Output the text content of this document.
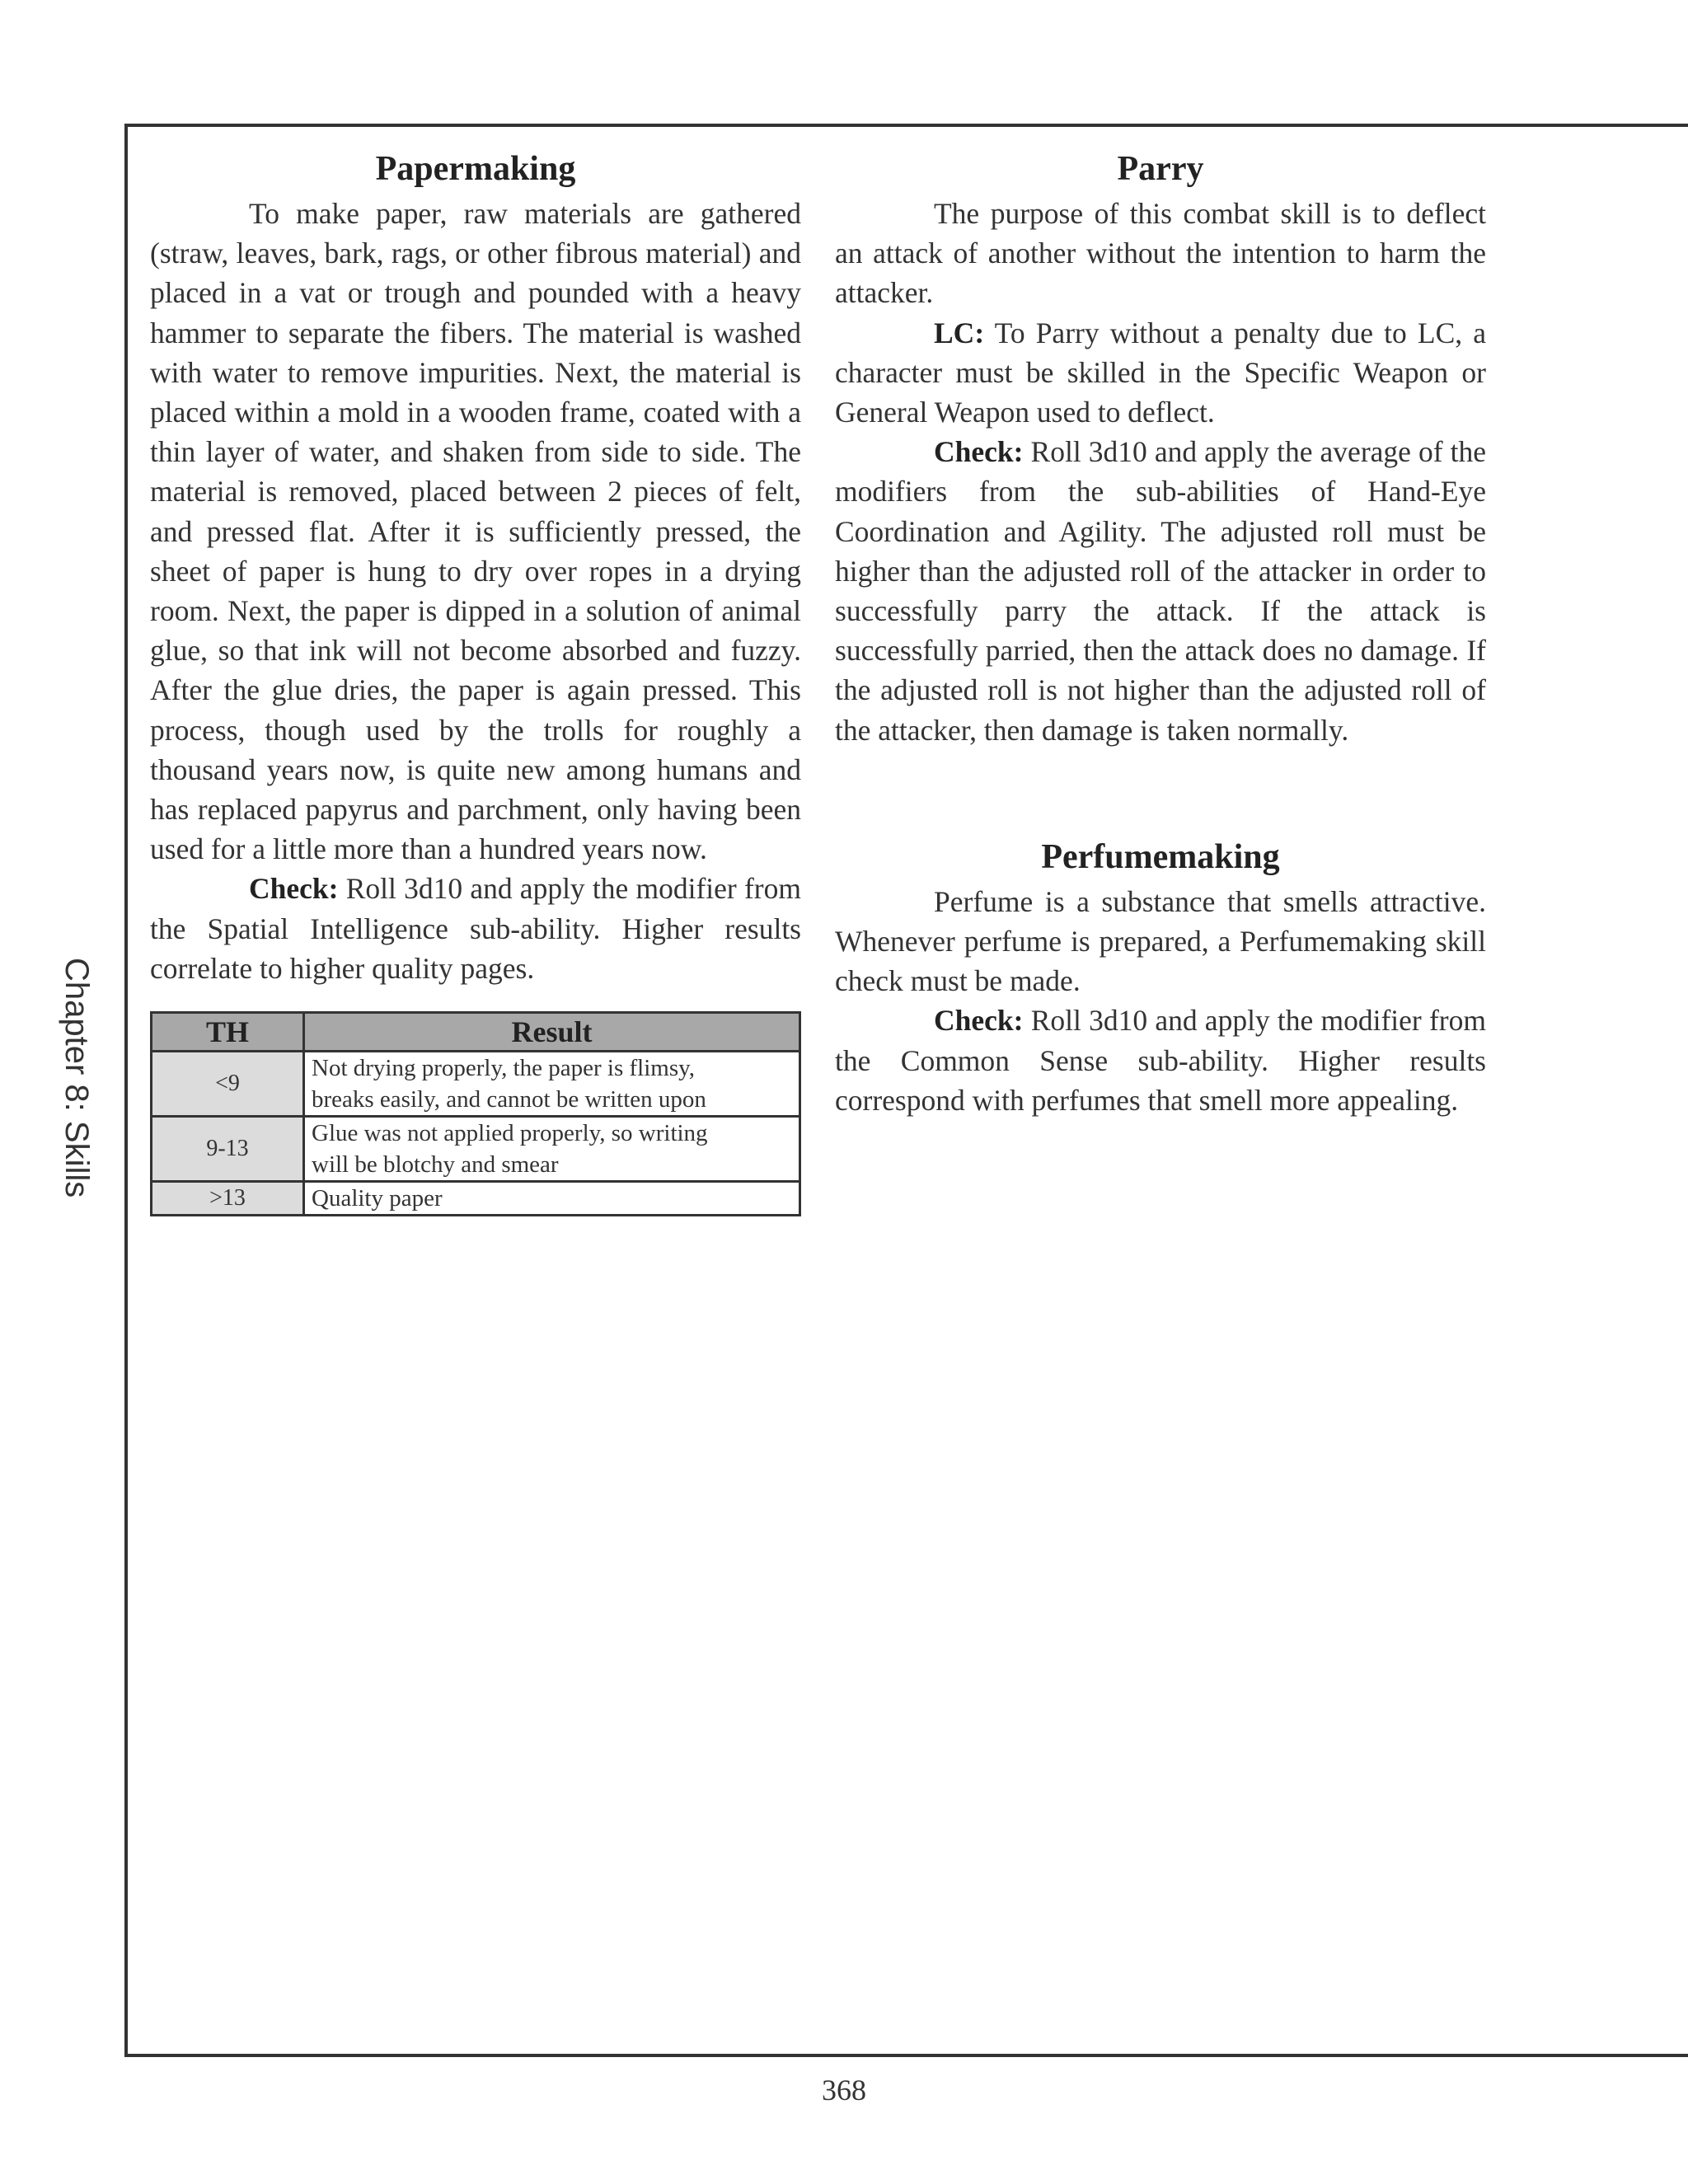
Chapter 8: Skills
Papermaking

To make paper, raw materials are gathered (straw, leaves, bark, rags, or other fibrous material) and placed in a vat or trough and pounded with a heavy hammer to separate the fibers. The material is washed with water to remove impurities. Next, the material is placed within a mold in a wooden frame, coated with a thin layer of water, and shaken from side to side. The material is removed, placed between 2 pieces of felt, and pressed flat. After it is sufficiently pressed, the sheet of paper is hung to dry over ropes in a drying room. Next, the paper is dipped in a solution of animal glue, so that ink will not become absorbed and fuzzy. After the glue dries, the paper is again pressed. This process, though used by the trolls for roughly a thousand years now, is quite new among humans and has replaced papyrus and parchment, only having been used for a little more than a hundred years now.

Check: Roll 3d10 and apply the modifier from the Spatial Intelligence sub-ability. Higher results correlate to higher quality pages.

TH	Result
<9	Not drying properly, the paper is flimsy,
breaks easily, and cannot be written upon
9-13	Glue was not applied properly, so writing
will be blotchy and smear
>13	Quality paper
Parry

The purpose of this combat skill is to deflect an attack of another without the intention to harm the attacker.

LC: To Parry without a penalty due to LC, a character must be skilled in the Specific Weapon or General Weapon used to deflect.

Check: Roll 3d10 and apply the average of the modifiers from the sub-abilities of Hand-Eye Coordination and Agility. The adjusted roll must be higher than the adjusted roll of the attacker in order to successfully parry the attack. If the attack is successfully parried, then the attack does no damage. If the adjusted roll is not higher than the adjusted roll of the attacker, then damage is taken normally.

Perfumemaking

Perfume is a substance that smells attractive. Whenever perfume is prepared, a Perfumemaking skill check must be made.

Check: Roll 3d10 and apply the modifier from the Common Sense sub-ability. Higher results correspond with perfumes that smell more appealing.

368
